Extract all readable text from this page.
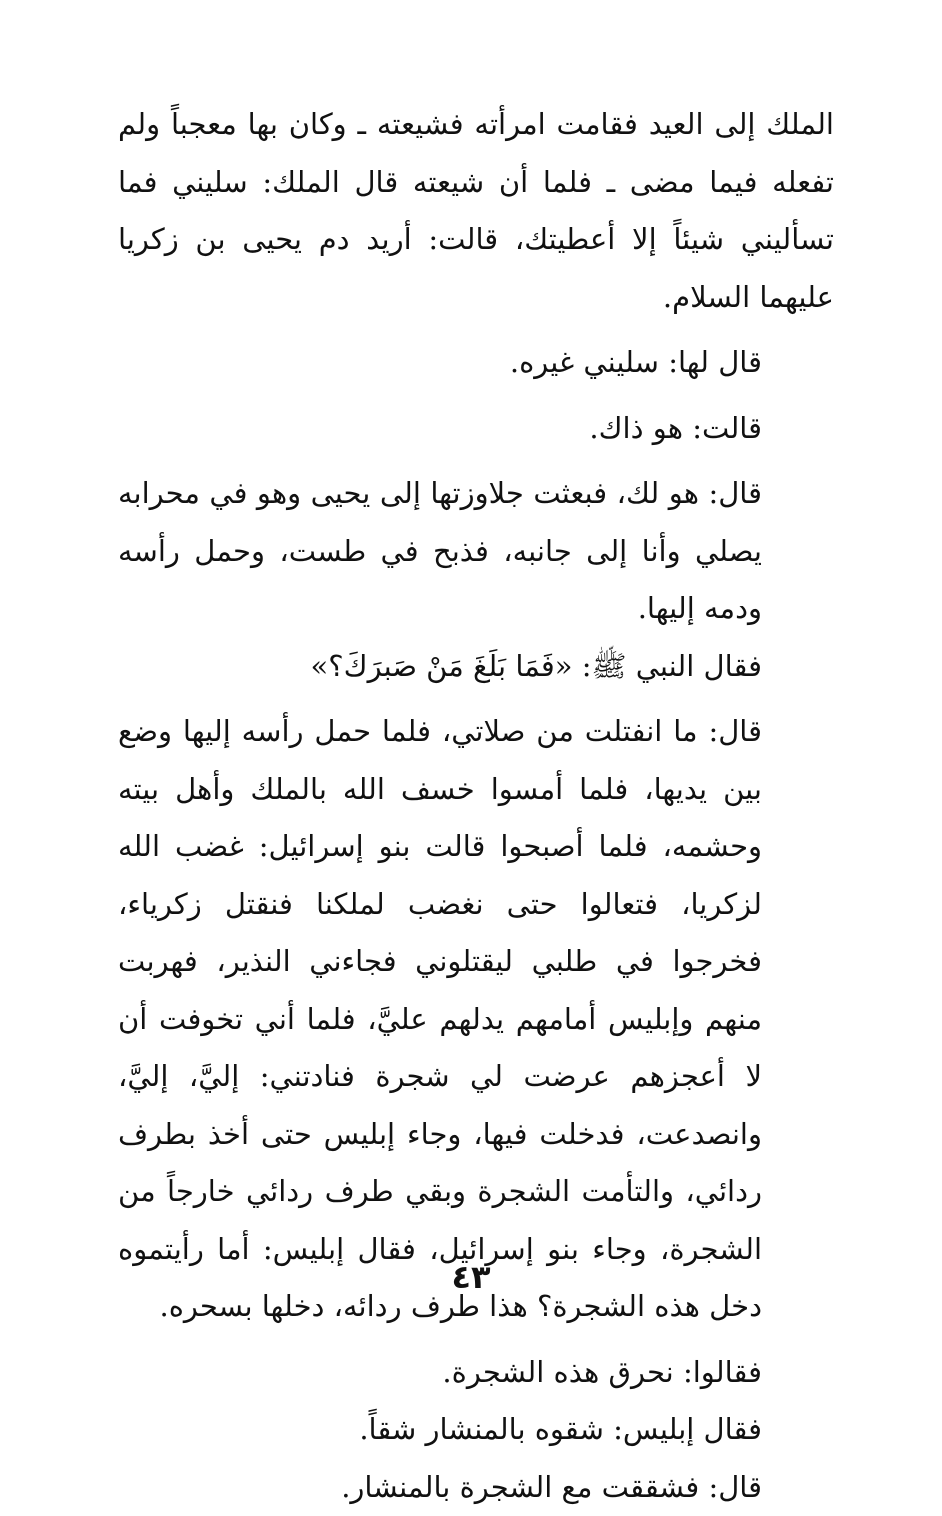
الملك إلى العيد فقامت امرأته فشيعته ـ وكان بها معجباً ولم تفعله فيما مضى ـ فلما أن شيعته قال الملك: سليني فما تسأليني شيئاً إلا أعطيتك، قالت: أريد دم يحيى بن زكريا عليهما السلام.

قال لها: سليني غيره.

قالت: هو ذاك.

قال: هو لك، فبعثت جلاوزتها إلى يحيى وهو في محرابه يصلي وأنا إلى جانبه، فذبح في طست، وحمل رأسه ودمه إليها.

فقال النبي ﷺ: «فَمَا بَلَغَ مَنْ صَبرَكَ؟»

قال: ما انفتلت من صلاتي، فلما حمل رأسه إليها وضع بين يديها، فلما أمسوا خسف الله بالملك وأهل بيته وحشمه، فلما أصبحوا قالت بنو إسرائيل: غضب الله لزكريا، فتعالوا حتى نغضب لملكنا فنقتل زكرياء، فخرجوا في طلبي ليقتلوني فجاءني النذير، فهربت منهم وإبليس أمامهم يدلهم عليَّ، فلما أني تخوفت أن لا أعجزهم عرضت لي شجرة فنادتني: إليَّ، إليَّ، وانصدعت، فدخلت فيها، وجاء إبليس حتى أخذ بطرف ردائي، والتأمت الشجرة وبقي طرف ردائي خارجاً من الشجرة، وجاء بنو إسرائيل، فقال إبليس: أما رأيتموه دخل هذه الشجرة؟ هذا طرف ردائه، دخلها بسحره.

فقالوا: نحرق هذه الشجرة.

فقال إبليس: شقوه بالمنشار شقاً.

قال: فشققت مع الشجرة بالمنشار.

٤٣
